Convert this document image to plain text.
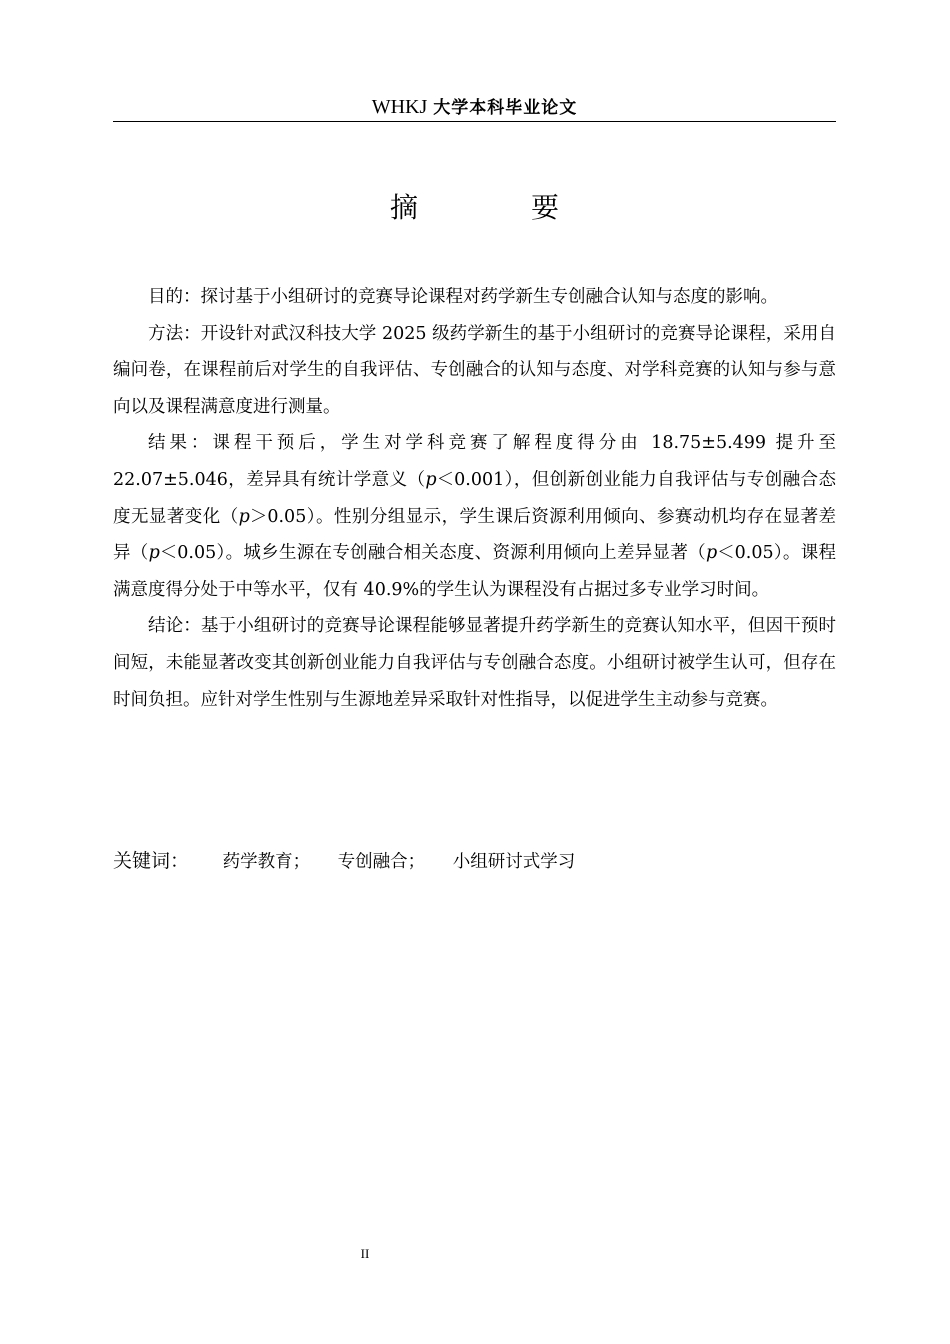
WHKJ 大学本科毕业论文
摘 要

目的：探讨基于小组研讨的竞赛导论课程对药学新生专创融合认知与态度的影响。

方法：开设针对武汉科技大学 2025 级药学新生的基于小组研讨的竞赛导论课程，采用自编问卷，在课程前后对学生的自我评估、专创融合的认知与态度、对学科竞赛的认知与参与意向以及课程满意度进行测量。

结果：课程干预后，学生对学科竞赛了解程度得分由 18.75±5.499 提升至 22.07±5.046，差异具有统计学意义（p＜0.001），但创新创业能力自我评估与专创融合态度无显著变化（p＞0.05）。性别分组显示，学生课后资源利用倾向、参赛动机均存在显著差异（p＜0.05）。城乡生源在专创融合相关态度、资源利用倾向上差异显著（p＜0.05）。课程满意度得分处于中等水平，仅有 40.9%的学生认为课程没有占据过多专业学习时间。

结论：基于小组研讨的竞赛导论课程能够显著提升药学新生的竞赛认知水平，但因干预时间短，未能显著改变其创新创业能力自我评估与专创融合态度。小组研讨被学生认可，但存在时间负担。应针对学生性别与生源地差异采取针对性指导，以促进学生主动参与竞赛。

关键词： 药学教育； 专创融合； 小组研讨式学习
II
